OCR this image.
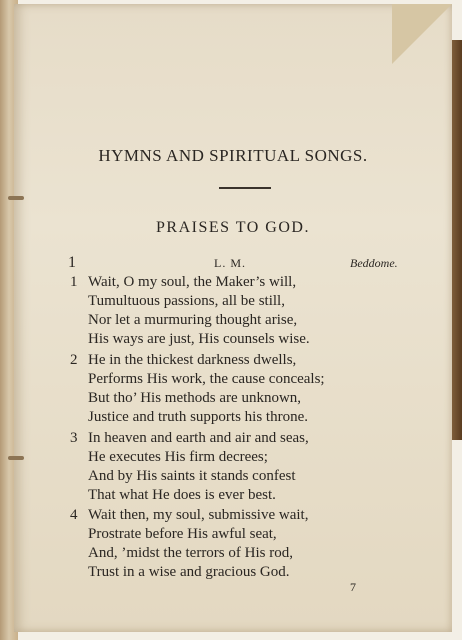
HYMNS AND SPIRITUAL SONGS.
PRAISES TO GOD.
1	L. M.	Beddome.
1 Wait, O my soul, the Maker’s will,
Tumultuous passions, all be still,
Nor let a murmuring thought arise,
His ways are just, His counsels wise.
2 He in the thickest darkness dwells,
Performs His work, the cause conceals;
But tho’ His methods are unknown,
Justice and truth supports his throne.
3 In heaven and earth and air and seas,
He executes His firm decrees;
And by His saints it stands confest
That what He does is ever best.
4 Wait then, my soul, submissive wait,
Prostrate before His awful seat,
And, ’midst the terrors of His rod,
Trust in a wise and gracious God.
7
